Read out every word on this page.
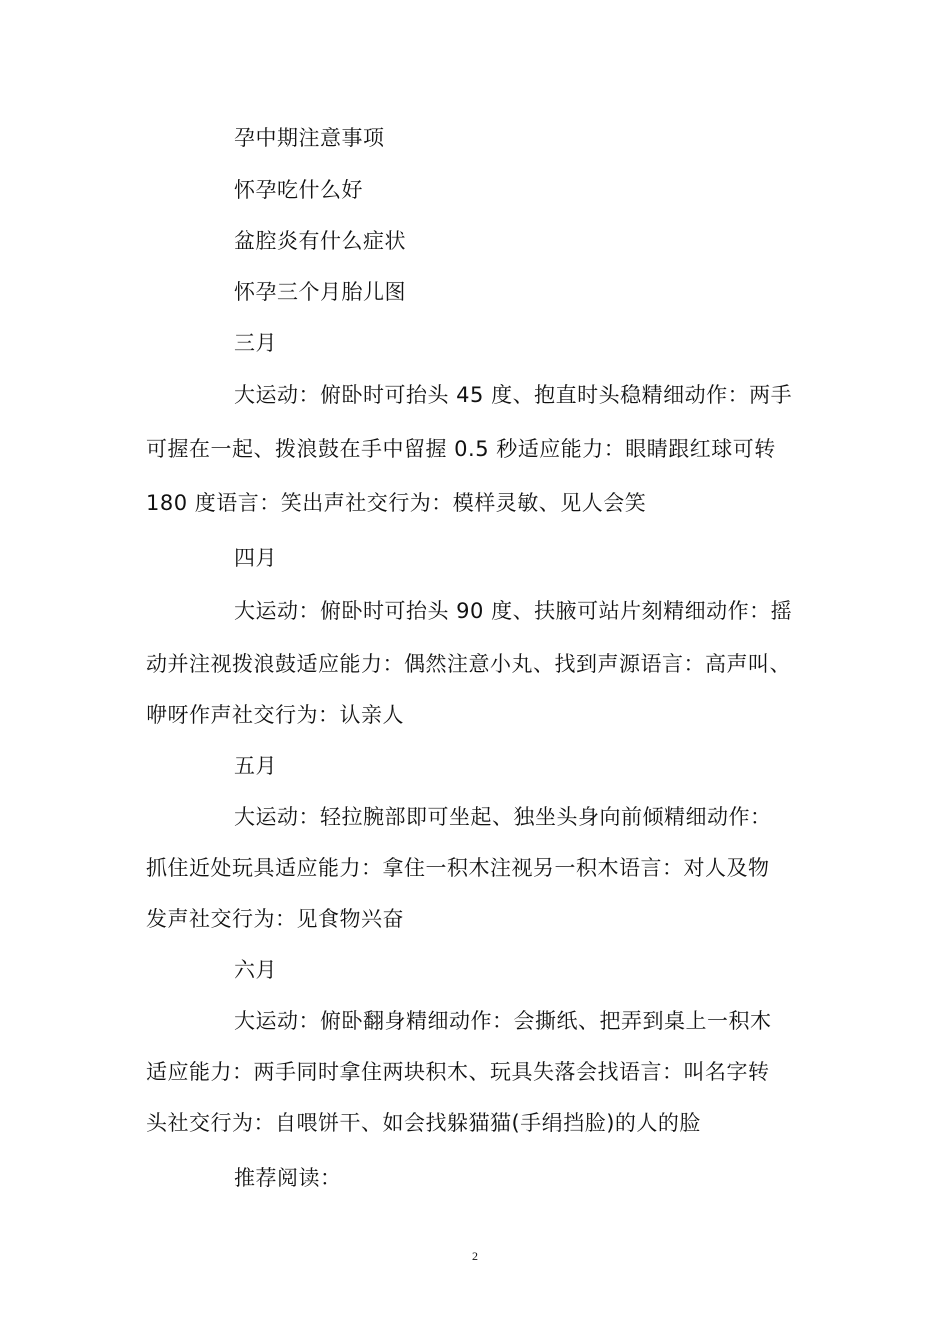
孕中期注意事项
怀孕吃什么好
盆腔炎有什么症状
怀孕三个月胎儿图
三月
大运动：俯卧时可抬头 45 度、抱直时头稳精细动作：两手
可握在一起、拨浪鼓在手中留握 0.5 秒适应能力：眼睛跟红球可转
180 度语言：笑出声社交行为：模样灵敏、见人会笑
四月
大运动：俯卧时可抬头 90 度、扶腋可站片刻精细动作：摇
动并注视拨浪鼓适应能力：偶然注意小丸、找到声源语言：高声叫、
咿呀作声社交行为：认亲人
五月
大运动：轻拉腕部即可坐起、独坐头身向前倾精细动作：
抓住近处玩具适应能力：拿住一积木注视另一积木语言：对人及物
发声社交行为：见食物兴奋
六月
大运动：俯卧翻身精细动作：会撕纸、把弄到桌上一积木
适应能力：两手同时拿住两块积木、玩具失落会找语言：叫名字转
头社交行为：自喂饼干、如会找躲猫猫(手绢挡脸)的人的脸
推荐阅读：
2
